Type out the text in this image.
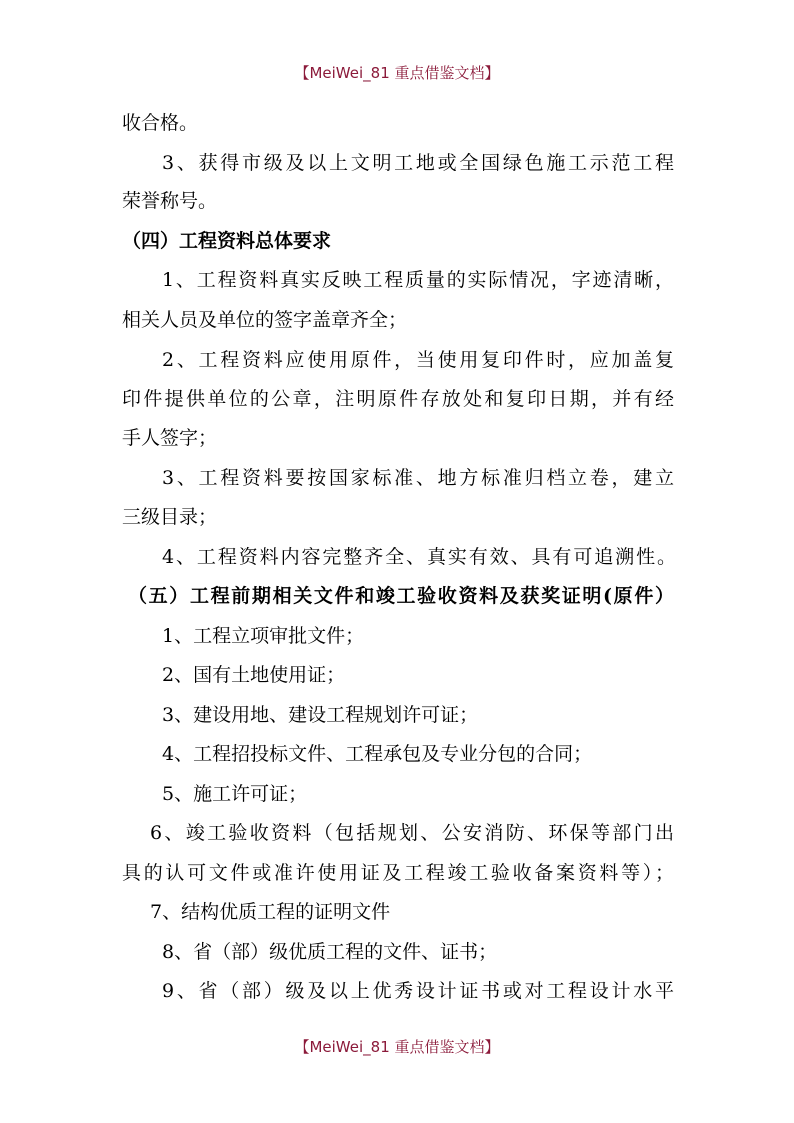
【MeiWei_81 重点借鉴文档】
收合格。
3、获得市级及以上文明工地或全国绿色施工示范工程
荣誉称号。
（四）工程资料总体要求
1、工程资料真实反映工程质量的实际情况，字迹清晰，
相关人员及单位的签字盖章齐全；
2、工程资料应使用原件，当使用复印件时，应加盖复
印件提供单位的公章，注明原件存放处和复印日期，并有经
手人签字；
3、工程资料要按国家标准、地方标准归档立卷，建立
三级目录；
4、工程资料内容完整齐全、真实有效、具有可追溯性。
（五）工程前期相关文件和竣工验收资料及获奖证明(原件）
1、工程立项审批文件；
2、国有土地使用证；
3、建设用地、建设工程规划许可证；
4、工程招投标文件、工程承包及专业分包的合同；
5、施工许可证；
6、竣工验收资料（包括规划、公安消防、环保等部门出
具的认可文件或准许使用证及工程竣工验收备案资料等）；
7、结构优质工程的证明文件
8、省（部）级优质工程的文件、证书；
9、省（部）级及以上优秀设计证书或对工程设计水平
【MeiWei_81 重点借鉴文档】
